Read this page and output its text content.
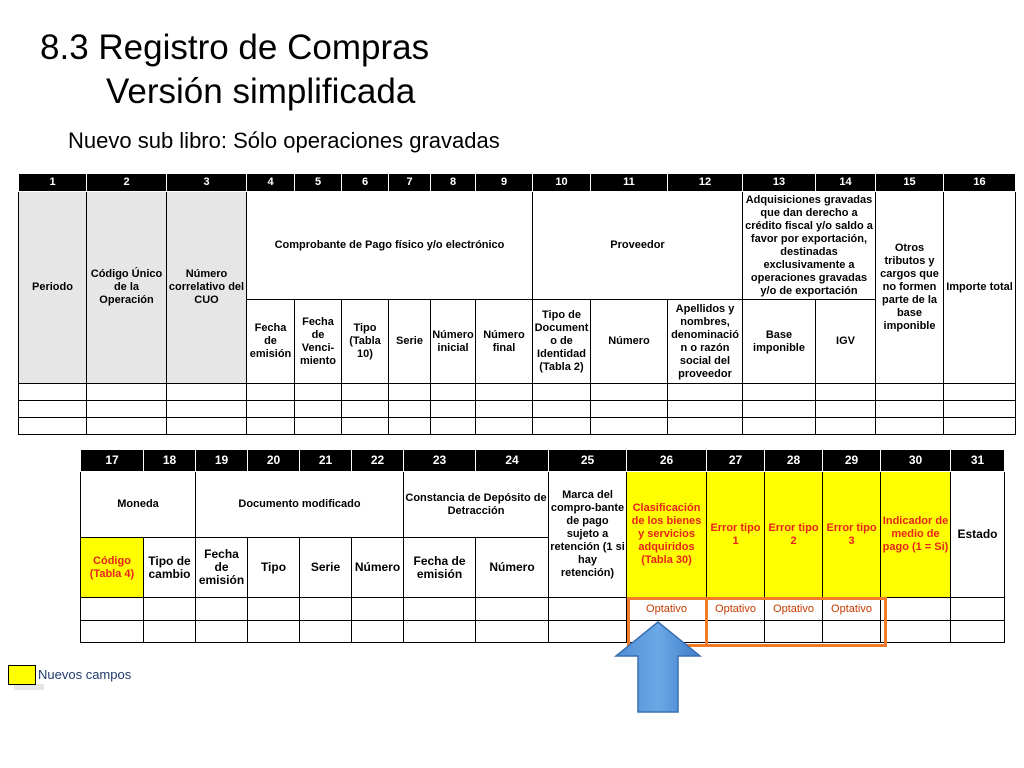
8.3 Registro de Compras
Versión simplificada
Nuevo sub libro: Sólo operaciones gravadas
1	2	3	4	5	6	7	8	9	10	11	12	13	14	15	16
Periodo	Código Único de la Operación	Número correlativo del CUO	Comprobante de Pago físico y/o electrónico						Proveedor			Adquisiciones gravadas que dan derecho a crédito fiscal y/o saldo a favor por exportación, destinadas exclusivamente a operaciones gravadas y/o de exportación		Otros tributos y cargos que no formen parte de la base imponible	Importe total
			Fecha de emisión	Fecha de Venci-miento	Tipo (Tabla 10)	Serie	Número inicial	Número final	Tipo de Document o de Identidad (Tabla 2)	Número	Apellidos y nombres, denominació n o razón social del proveedor	Base imponible	IGV		

17	18	19	20	21	22	23	24	25	26	27	28	29	30	31
Moneda		Documento modificado				Constancia de Depósito de Detracción		Marca del compro-bante de pago sujeto a retención (1 si hay retención)	Clasificación de los bienes y servicios adquiridos (Tabla 30)	Error tipo 1	Error tipo 2	Error tipo 3	Indicador de medio de pago (1 = Si)	Estado
Código (Tabla 4)	Tipo de cambio	Fecha de emisión	Tipo	Serie	Número	Fecha de emisión	Número							
									Optativo	Optativo	Optativo	Optativo		

Nuevos campos
